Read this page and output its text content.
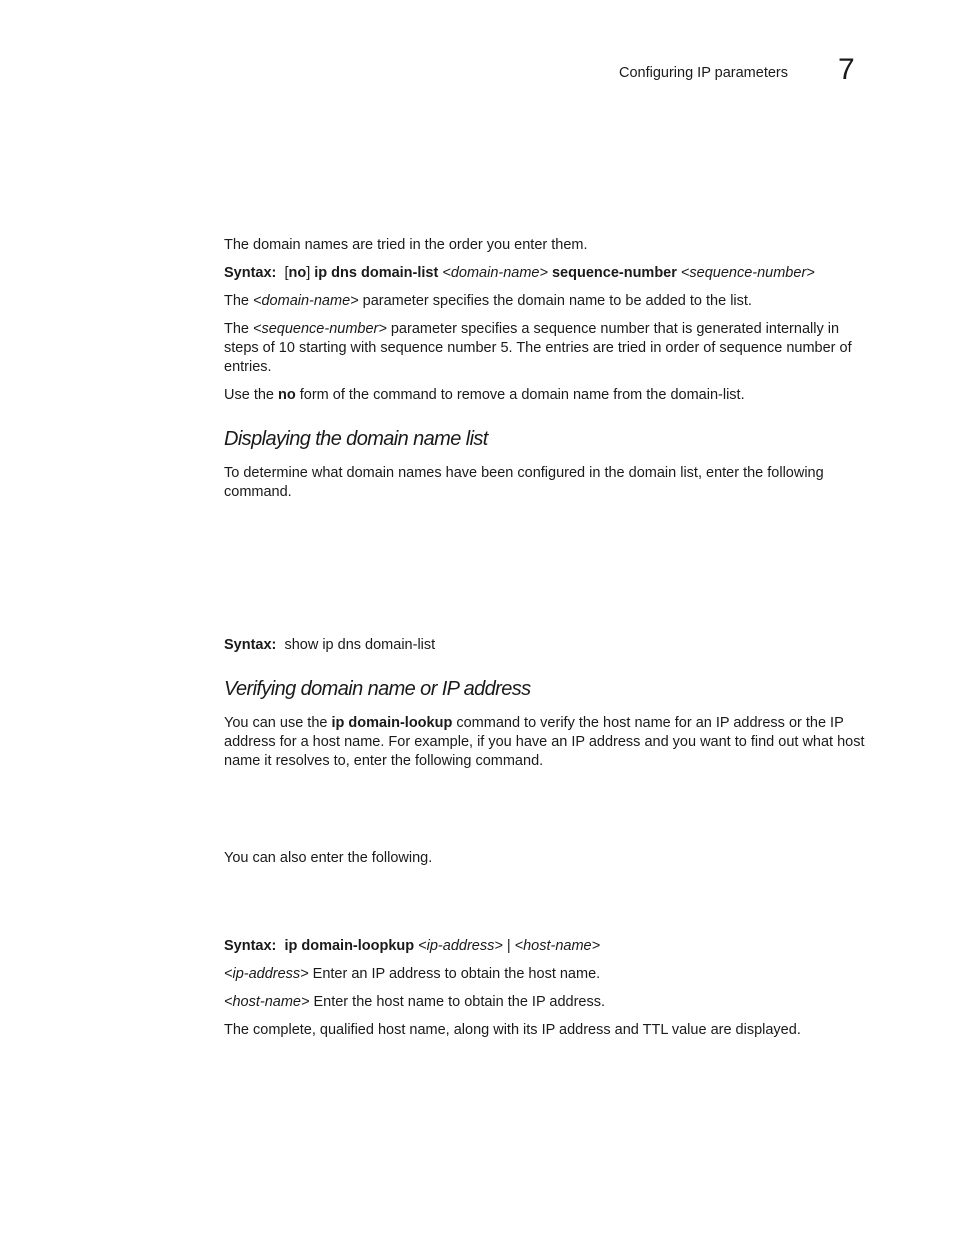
Configuring IP parameters 7

The domain names are tried in the order you enter them.

Syntax: [no] ip dns domain-list <domain-name> sequence-number <sequence-number>

The <domain-name> parameter specifies the domain name to be added to the list.

The <sequence-number> parameter specifies a sequence number that is generated internally in steps of 10 starting with sequence number 5. The entries are tried in order of sequence number of entries.

Use the no form of the command to remove a domain name from the domain-list.

Displaying the domain name list

To determine what domain names have been configured in the domain list, enter the following command.

Syntax: show ip dns domain-list

Verifying domain name or IP address

You can use the ip domain-lookup command to verify the host name for an IP address or the IP address for a host name. For example, if you have an IP address and you want to find out what host name it resolves to, enter the following command.

You can also enter the following.

Syntax: ip domain-loopkup <ip-address> | <host-name>

<ip-address> Enter an IP address to obtain the host name.

<host-name> Enter the host name to obtain the IP address.

The complete, qualified host name, along with its IP address and TTL value are displayed.
